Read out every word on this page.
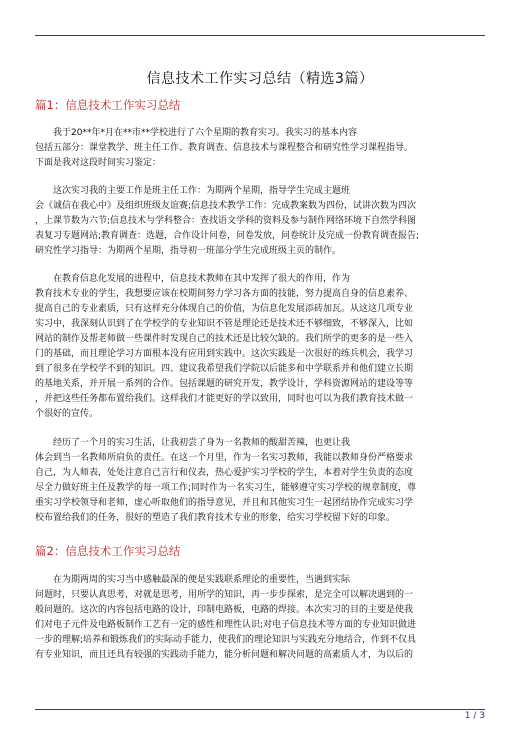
信息技术工作实习总结（精选3篇）
篇1：信息技术工作实习总结
　　我于20**年*月在**市**学校进行了六个星期的教育实习。我实习的基本内容
包括五部分：课堂教学、班主任工作、教育调查、信息技术与课程整合和研究性学习课程指导。
下面是我对这段时间实习鉴定：
　　这次实习我的主要工作是班主任工作：为期两个星期，指导学生完成主题班
会《诚信在我心中》及组织班级友谊赛;信息技术教学工作：完成教案数为四份，试讲次数为四次
，上课节数为六节;信息技术与学科整合：查找语文学科的资料及参与制作网络环境下自然学科图
表复习专题网站;教育调查：选题，合作设计问卷，问卷发放，问卷统计及完成一份教育调查报告;
研究性学习指导：为期两个星期，指导初一班部分学生完成班级主页的制作。
　　在教育信息化发展的进程中，信息技术教师在其中发挥了很大的作用，作为
教育技术专业的学生，我想要应该在校期间努力学习各方面的技能，努力提高自身的信息素养、
提高自己的专业素质，只有这样充分体现自己的价值，为信息化发展添砖加瓦。从这这几项专业
实习中，我深刻认识到了在学校学的专业知识不管是理论还是技术还不够细致，不够深入，比如
网站的制作及帮老师做一些课件时发现自己的技术还是比较欠缺的。我们所学的更多的是一些入
门的基础，而且理论学习方面根本没有应用到实践中。这次实践是一次很好的练兵机会，我学习
到了很多在学校学不到的知识。四、建议我希望我们学院以后能多和中学联系并和他们建立长期
的基地关系，并开展一系列的合作。包括课题的研究开发，教学设计，学科资源网站的建设等等
，并把这些任务都布置给我们。这样我们才能更好的学以致用，同时也可以为我们教育技术做一
个很好的宣传。
　　经历了一个月的实习生活，让我初尝了身为一名教师的酸甜苦辣，也更让我
体会到当一名教师所肩负的责任。在这一个月里，作为一名实习教师，我能以教师身份严格要求
自己，为人师表，处处注意自己言行和仪表，热心爱护实习学校的学生，本着对学生负责的态度
尽全力做好班主任及教学的每一项工作;同时作为一名实习生，能够遵守实习学校的规章制度，尊
重实习学校领导和老师，虚心听取他们的指导意见，并且和其他实习生一起团结协作完成实习学
校布置给我们的任务，很好的塑造了我们教育技术专业的形象，给实习学校留下好的印象。
篇2：信息技术工作实习总结
　　在为期两周的实习当中感触最深的便是实践联系理论的重要性，当遇到实际
问题时，只要认真思考，对就是思考，用所学的知识，再一步步探索，是完全可以解决遇到的一
般问题的。这次的内容包括电路的设计，印制电路板，电路的焊接。本次实习的目的主要是使我
们对电子元件及电路板制作工艺有一定的感性和理性认识;对电子信息技术等方面的专业知识做进
一步的理解;培养和锻炼我们的实际动手能力，使我们的理论知识与实践充分地结合，作到不仅具
有专业知识，而且还具有较强的实践动手能力，能分析问题和解决问题的高素质人才，为以后的
1 / 3
